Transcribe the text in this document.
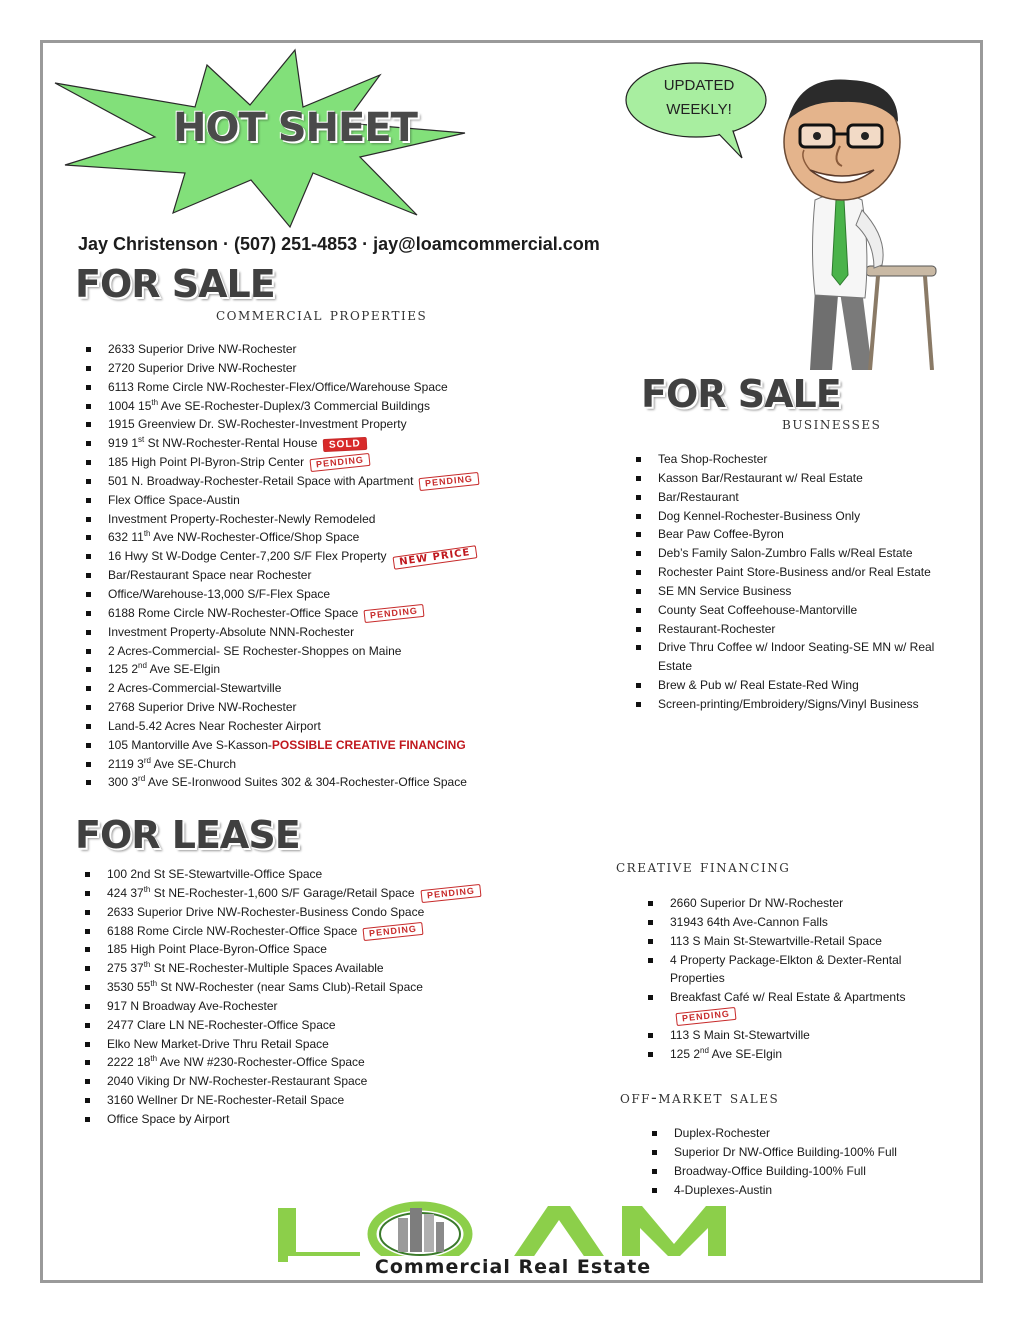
HOT SHEET
UPDATED WEEKLY!
Jay Christenson · (507) 251-4853 · jay@loamcommercial.com
FOR SALE
commercial properties
2633 Superior Drive NW-Rochester
2720 Superior Drive NW-Rochester
6113 Rome Circle NW-Rochester-Flex/Office/Warehouse Space
1004 15th Ave SE-Rochester-Duplex/3 Commercial Buildings
1915 Greenview Dr. SW-Rochester-Investment Property
919 1st St NW-Rochester-Rental House SOLD
185 High Point Pl-Byron-Strip Center PENDING
501 N. Broadway-Rochester-Retail Space with Apartment PENDING
Flex Office Space-Austin
Investment Property-Rochester-Newly Remodeled
632 11th Ave NW-Rochester-Office/Shop Space
16 Hwy St W-Dodge Center-7,200 S/F Flex Property NEW PRICE
Bar/Restaurant Space near Rochester
Office/Warehouse-13,000 S/F-Flex Space
6188 Rome Circle NW-Rochester-Office Space PENDING
Investment Property-Absolute NNN-Rochester
2 Acres-Commercial- SE Rochester-Shoppes on Maine
125 2nd Ave SE-Elgin
2 Acres-Commercial-Stewartville
2768 Superior Drive NW-Rochester
Land-5.42 Acres Near Rochester Airport
105 Mantorville Ave S-Kasson-POSSIBLE CREATIVE FINANCING
2119 3rd Ave SE-Church
300 3rd Ave SE-Ironwood Suites 302 & 304-Rochester-Office Space
FOR SALE
businesses
Tea Shop-Rochester
Kasson Bar/Restaurant w/ Real Estate
Bar/Restaurant
Dog Kennel-Rochester-Business Only
Bear Paw Coffee-Byron
Deb’s Family Salon-Zumbro Falls w/Real Estate
Rochester Paint Store-Business and/or Real Estate
SE MN Service Business
County Seat Coffeehouse-Mantorville
Restaurant-Rochester
Drive Thru Coffee w/ Indoor Seating-SE MN w/ Real Estate
Brew & Pub w/ Real Estate-Red Wing
Screen-printing/Embroidery/Signs/Vinyl Business
FOR LEASE
100 2nd St SE-Stewartville-Office Space
424 37th St NE-Rochester-1,600 S/F Garage/Retail Space PENDING
2633 Superior Drive NW-Rochester-Business Condo Space
6188 Rome Circle NW-Rochester-Office Space PENDING
185 High Point Place-Byron-Office Space
275 37th St NE-Rochester-Multiple Spaces Available
3530 55th St NW-Rochester (near Sams Club)-Retail Space
917 N Broadway Ave-Rochester
2477 Clare LN NE-Rochester-Office Space
Elko New Market-Drive Thru Retail Space
2222 18th Ave NW #230-Rochester-Office Space
2040 Viking Dr NW-Rochester-Restaurant Space
3160 Wellner Dr NE-Rochester-Retail Space
Office Space by Airport
creative financing
2660 Superior Dr NW-Rochester
31943 64th Ave-Cannon Falls
113 S Main St-Stewartville-Retail Space
4 Property Package-Elkton & Dexter-Rental Properties
Breakfast Café w/ Real Estate & ApartmentsPENDING
113 S Main St-Stewartville
125 2nd Ave SE-Elgin
off-market sales
Duplex-Rochester
Superior Dr NW-Office Building-100% Full
Broadway-Office Building-100% Full
4-Duplexes-Austin
Commercial Real Estate
